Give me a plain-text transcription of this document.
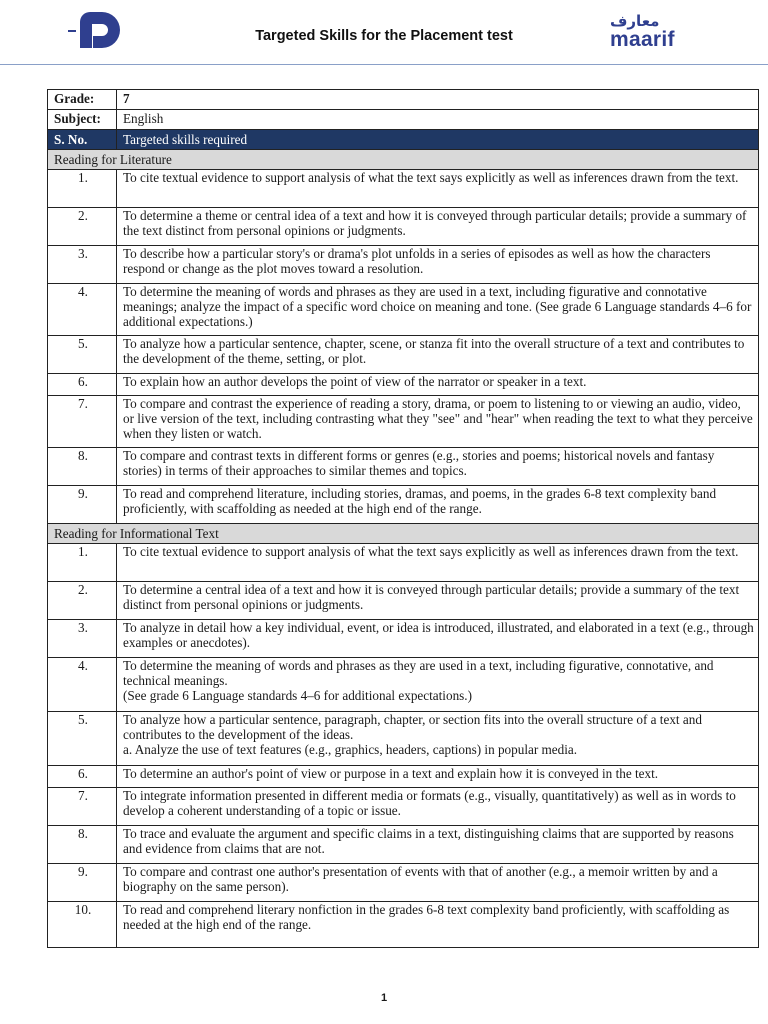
Targeted Skills for the Placement test
معارف
maarif
Grade:	7
Subject:	English
S. No.	Targeted skills required
Reading for Literature	
1.	To cite textual evidence to support analysis of what the text says explicitly as well as inferences drawn from the text.
2.	To determine a theme or central idea of a text and how it is conveyed through particular details; provide a summary of the text distinct from personal opinions or judgments.
3.	To describe how a particular story's or drama's plot unfolds in a series of episodes as well as how the characters respond or change as the plot moves toward a resolution.
4.	To determine the meaning of words and phrases as they are used in a text, including figurative and connotative meanings; analyze the impact of a specific word choice on meaning and tone. (See grade 6 Language standards 4–6 for additional expectations.)
5.	To analyze how a particular sentence, chapter, scene, or stanza fit into the overall structure of a text and contributes to the development of the theme, setting, or plot.
6.	To explain how an author develops the point of view of the narrator or speaker in a text.
7.	To compare and contrast the experience of reading a story, drama, or poem to listening to or viewing an audio, video, or live version of the text, including contrasting what they "see" and "hear" when reading the text to what they perceive when they listen or watch.
8.	To compare and contrast texts in different forms or genres (e.g., stories and poems; historical novels and fantasy stories) in terms of their approaches to similar themes and topics.
9.	To read and comprehend literature, including stories, dramas, and poems, in the grades 6-8 text complexity band proficiently, with scaffolding as needed at the high end of the range.
Reading for Informational Text	
1.	To cite textual evidence to support analysis of what the text says explicitly as well as inferences drawn from the text.
2.	To determine a central idea of a text and how it is conveyed through particular details; provide a summary of the text distinct from personal opinions or judgments.
3.	To analyze in detail how a key individual, event, or idea is introduced, illustrated, and elaborated in a text (e.g., through examples or anecdotes).
4.	To determine the meaning of words and phrases as they are used in a text, including figurative, connotative, and technical meanings.
(See grade 6 Language standards 4–6 for additional expectations.)
5.	To analyze how a particular sentence, paragraph, chapter, or section fits into the overall structure of a text and contributes to the development of the ideas.
a. Analyze the use of text features (e.g., graphics, headers, captions) in popular media.
6.	To determine an author's point of view or purpose in a text and explain how it is conveyed in the text.
7.	To integrate information presented in different media or formats (e.g., visually, quantitatively) as well as in words to develop a coherent understanding of a topic or issue.
8.	To trace and evaluate the argument and specific claims in a text, distinguishing claims that are supported by reasons and evidence from claims that are not.
9.	To compare and contrast one author's presentation of events with that of another (e.g., a memoir written by and a biography on the same person).
10.	To read and comprehend literary nonfiction in the grades 6-8 text complexity band proficiently, with scaffolding as needed at the high end of the range.
1
